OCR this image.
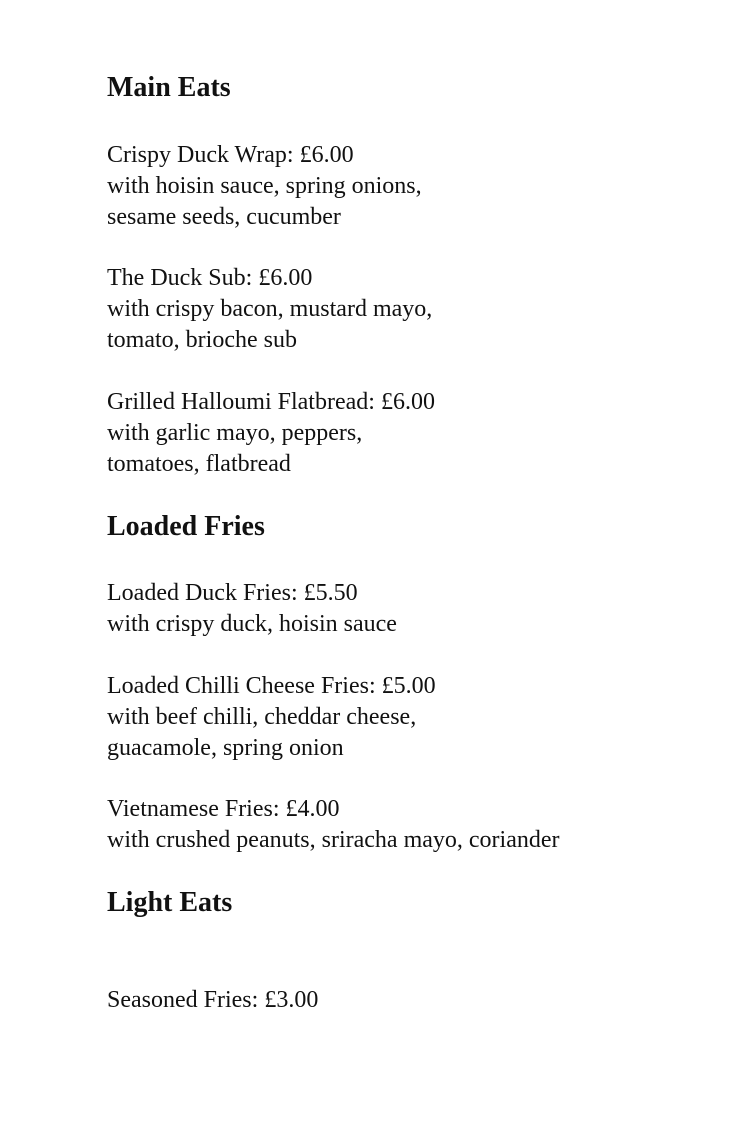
Main Eats
Crispy Duck Wrap: £6.00
with hoisin sauce, spring onions,
sesame seeds, cucumber
The Duck Sub: £6.00
with crispy bacon, mustard mayo,
tomato, brioche sub
Grilled Halloumi Flatbread: £6.00
with garlic mayo, peppers,
tomatoes, flatbread
Loaded Fries
Loaded Duck Fries: £5.50
with crispy duck, hoisin sauce
Loaded Chilli Cheese Fries: £5.00
with beef chilli, cheddar cheese,
guacamole, spring onion
Vietnamese Fries: £4.00
with crushed peanuts, sriracha mayo, coriander
Light Eats
Seasoned Fries: £3.00
